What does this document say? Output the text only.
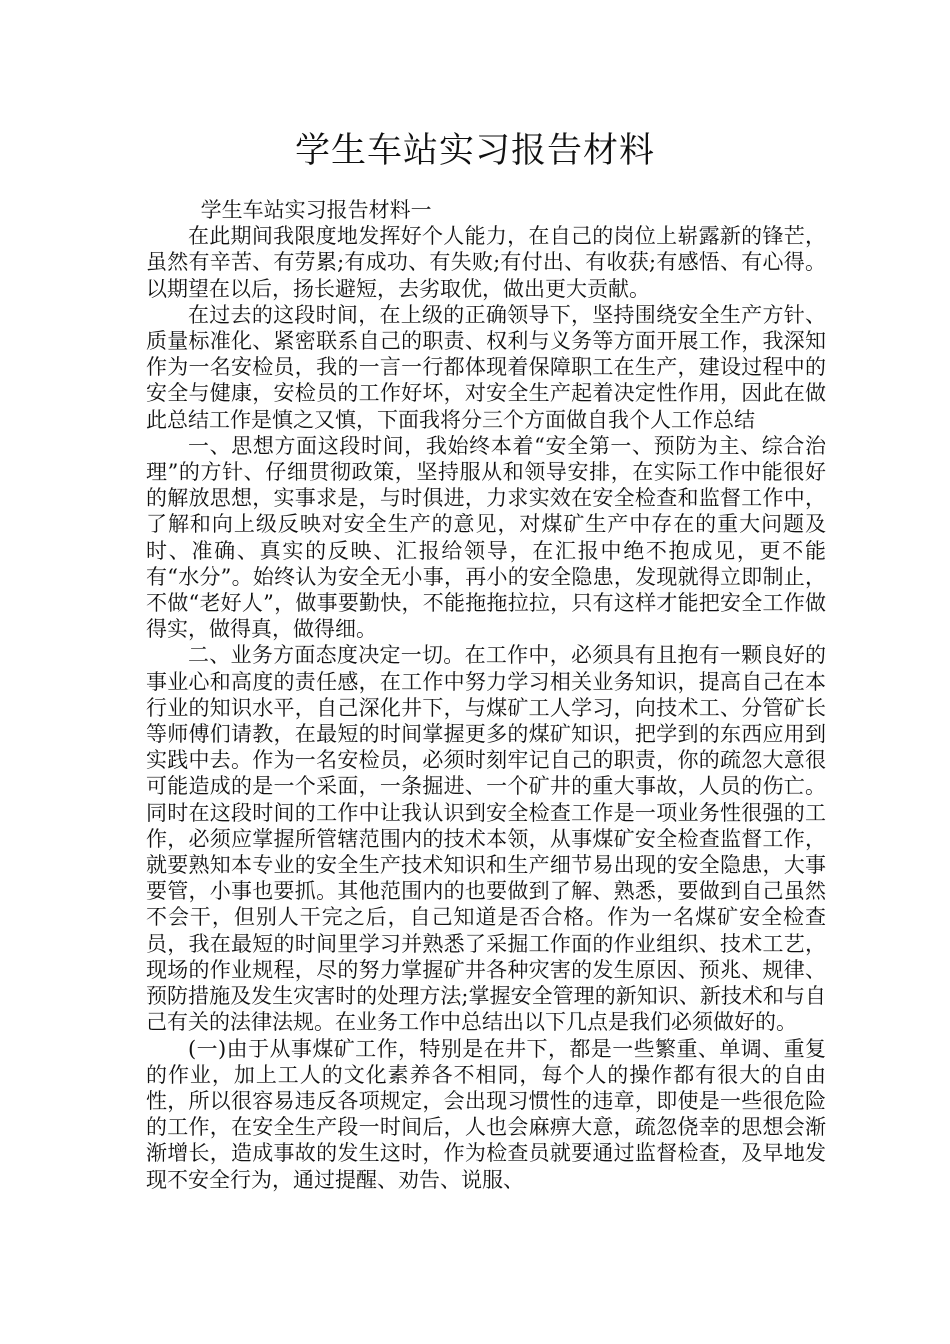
学生车站实习报告材料

学生车站实习报告材料一

在此期间我限度地发挥好个人能力，在自己的岗位上崭露新的锋芒，虽然有辛苦、有劳累;有成功、有失败;有付出、有收获;有感悟、有心得。以期望在以后，扬长避短，去劣取优，做出更大贡献。

在过去的这段时间，在上级的正确领导下，坚持围绕安全生产方针、质量标准化、紧密联系自己的职责、权利与义务等方面开展工作，我深知作为一名安检员，我的一言一行都体现着保障职工在生产，建设过程中的安全与健康，安检员的工作好坏，对安全生产起着决定性作用，因此在做此总结工作是慎之又慎，下面我将分三个方面做自我个人工作总结

一、思想方面这段时间，我始终本着“安全第一、预防为主、综合治理”的方针、仔细贯彻政策，坚持服从和领导安排，在实际工作中能很好的解放思想，实事求是，与时俱进，力求实效在安全检查和监督工作中，了解和向上级反映对安全生产的意见，对煤矿生产中存在的重大问题及时、准确、真实的反映、汇报给领导，在汇报中绝不抱成见，更不能有“水分”。始终认为安全无小事，再小的安全隐患，发现就得立即制止，不做“老好人”，做事要勤快，不能拖拖拉拉，只有这样才能把安全工作做得实，做得真，做得细。

二、业务方面态度决定一切。在工作中，必须具有且抱有一颗良好的事业心和高度的责任感，在工作中努力学习相关业务知识，提高自己在本行业的知识水平，自己深化井下，与煤矿工人学习，向技术工、分管矿长等师傅们请教，在最短的时间掌握更多的煤矿知识，把学到的东西应用到实践中去。作为一名安检员，必须时刻牢记自己的职责，你的疏忽大意很可能造成的是一个采面，一条掘进、一个矿井的重大事故，人员的伤亡。同时在这段时间的工作中让我认识到安全检查工作是一项业务性很强的工作，必须应掌握所管辖范围内的技术本领，从事煤矿安全检查监督工作，就要熟知本专业的安全生产技术知识和生产细节易出现的安全隐患，大事要管，小事也要抓。其他范围内的也要做到了解、熟悉，要做到自己虽然不会干，但别人干完之后，自己知道是否合格。作为一名煤矿安全检查员，我在最短的时间里学习并熟悉了采掘工作面的作业组织、技术工艺，现场的作业规程，尽的努力掌握矿井各种灾害的发生原因、预兆、规律、预防措施及发生灾害时的处理方法;掌握安全管理的新知识、新技术和与自己有关的法律法规。在业务工作中总结出以下几点是我们必须做好的。

(一)由于从事煤矿工作，特别是在井下，都是一些繁重、单调、重复的作业，加上工人的文化素养各不相同，每个人的操作都有很大的自由性，所以很容易违反各项规定，会出现习惯性的违章，即使是一些很危险的工作，在安全生产段一时间后，人也会麻痹大意，疏忽侥幸的思想会渐渐增长，造成事故的发生这时，作为检查员就要通过监督检查，及早地发现不安全行为，通过提醒、劝告、说服、
